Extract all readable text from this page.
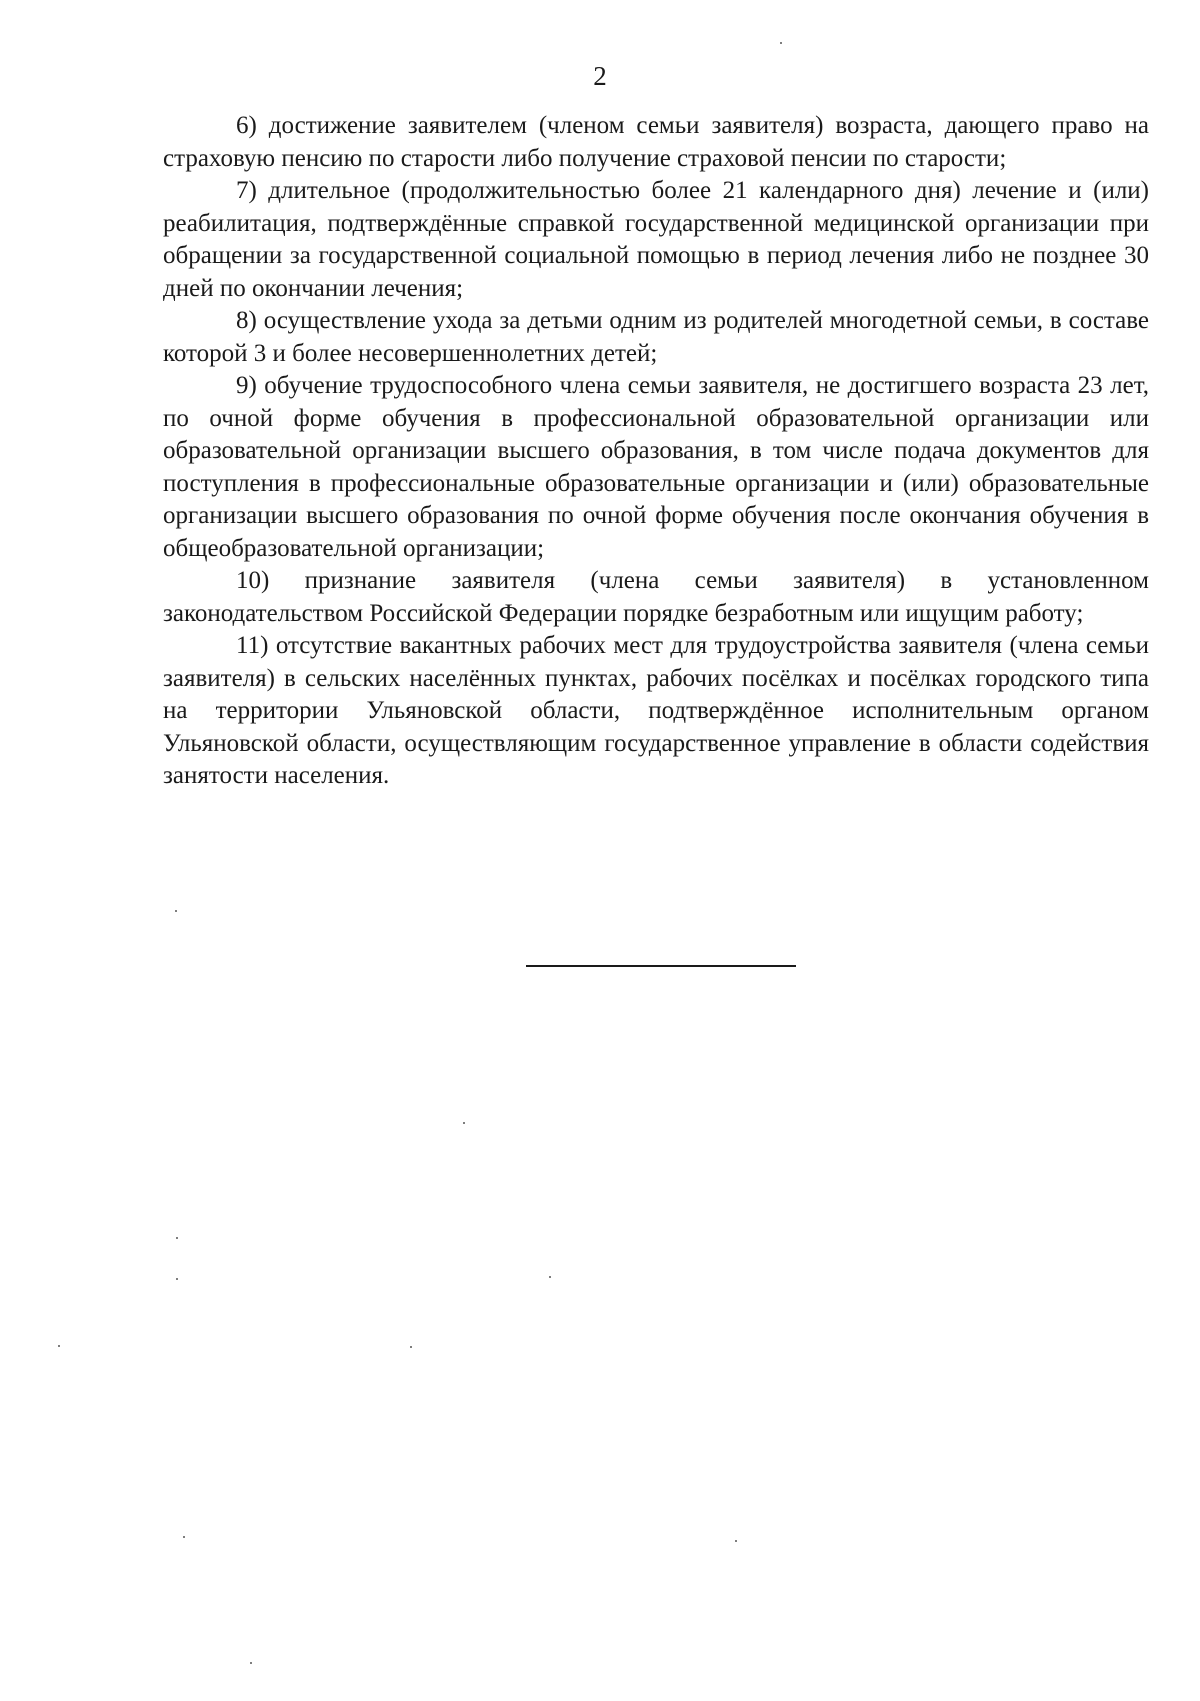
2

6) достижение заявителем (членом семьи заявителя) возраста, дающего право на страховую пенсию по старости либо получение страховой пенсии по старости;

7) длительное (продолжительностью более 21 календарного дня) лечение и (или) реабилитация, подтверждённые справкой государственной медицинской организации при обращении за государственной социальной помощью в период лечения либо не позднее 30 дней по окончании лечения;

8) осуществление ухода за детьми одним из родителей многодетной семьи, в составе которой 3 и более несовершеннолетних детей;

9) обучение трудоспособного члена семьи заявителя, не достигшего возраста 23 лет, по очной форме обучения в профессиональной образовательной организации или образовательной организации высшего образования, в том числе подача документов для поступления в профессиональные образовательные организации и (или) образовательные организации высшего образования по очной форме обучения после окончания обучения в общеобразовательной организации;

10) признание заявителя (члена семьи заявителя) в установленном законодательством Российской Федерации порядке безработным или ищущим работу;

11) отсутствие вакантных рабочих мест для трудоустройства заявителя (члена семьи заявителя) в сельских населённых пунктах, рабочих посёлках и посёлках городского типа на территории Ульяновской области, подтверждённое исполнительным органом Ульяновской области, осуществляющим государственное управление в области содействия занятости населения.
